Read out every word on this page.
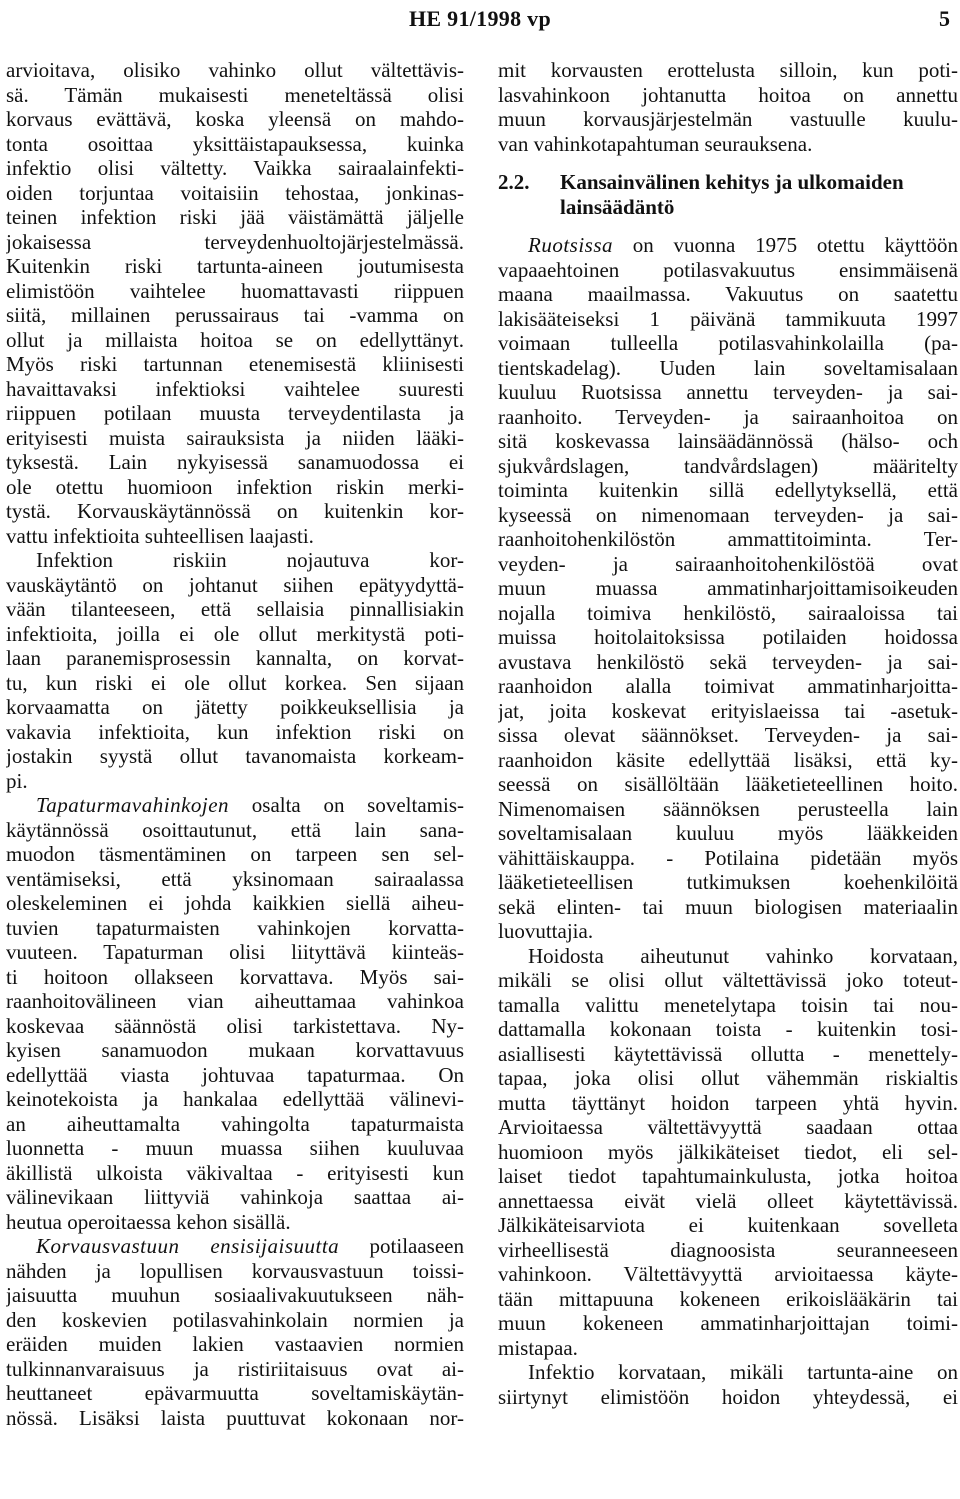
HE 91/1998 vp	5
arvioitava, olisiko vahinko ollut vältettävis-
sä. Tämän mukaisesti meneteltässä olisi
korvaus evättävä, koska yleensä on mahdo-
tonta osoittaa yksittäistapauksessa, kuinka
infektio olisi vältetty. Vaikka sairaalainfekti-
oiden torjuntaa voitaisiin tehostaa, jonkinas-
teinen infektion riski jää väistämättä jäljelle
jokaisessa terveydenhuoltojärjestelmässä.
Kuitenkin riski tartunta-aineen joutumisesta
elimistöön vaihtelee huomattavasti riippuen
siitä, millainen perussairaus tai -vamma on
ollut ja millaista hoitoa se on edellyttänyt.
Myös riski tartunnan etenemisestä kliinisesti
havaittavaksi infektioksi vaihtelee suuresti
riippuen potilaan muusta terveydentilasta ja
erityisesti muista sairauksista ja niiden lääki-
tyksestä. Lain nykyisessä sanamuodossa ei
ole otettu huomioon infektion riskin merki-
tystä. Korvauskäytännössä on kuitenkin kor-
vattu infektioita suhteellisen laajasti.
Infektion riskiin nojautuva kor-
vauskäytäntö on johtanut siihen epätyydyttä-
vään tilanteeseen, että sellaisia pinnallisiakin
infektioita, joilla ei ole ollut merkitystä poti-
laan paranemisprosessin kannalta, on korvat-
tu, kun riski ei ole ollut korkea. Sen sijaan
korvaamatta on jätetty poikkeuksellisia ja
vakavia infektioita, kun infektion riski on
jostakin syystä ollut tavanomaista korkeam-
pi.
Tapaturmavahinkojen osalta on soveltamis-
käytännössä osoittautunut, että lain sana-
muodon täsmentäminen on tarpeen sen sel-
ventämiseksi, että yksinomaan sairaalassa
oleskeleminen ei johda kaikkien siellä aiheu-
tuvien tapaturmaisten vahinkojen korvatta-
vuuteen. Tapaturman olisi liityttävä kiinteäs-
ti hoitoon ollakseen korvattava. Myös sai-
raanhoitovälineen vian aiheuttamaa vahinkoa
koskevaa säännöstä olisi tarkistettava. Ny-
kyisen sanamuodon mukaan korvattavuus
edellyttää viasta johtuvaa tapaturmaa. On
keinotekoista ja hankalaa edellyttää välinevi-
an aiheuttamalta vahingolta tapaturmaista
luonnetta - muun muassa siihen kuuluvaa
äkillistä ulkoista väkivaltaa - erityisesti kun
välinevikaan liittyviä vahinkoja saattaa ai-
heutua operoitaessa kehon sisällä.
Korvausvastuun ensisijaisuutta potilaaseen
nähden ja lopullisen korvausvastuun toissi-
jaisuutta muuhun sosiaalivakuutukseen näh-
den koskevien potilasvahinkolain normien ja
eräiden muiden lakien vastaavien normien
tulkinnanvaraisuus ja ristiriitaisuus ovat ai-
heuttaneet epävarmuutta soveltamiskäytän-
nössä. Lisäksi laista puuttuvat kokonaan nor-
mit korvausten erottelusta silloin, kun poti-
lasvahinkoon johtanutta hoitoa on annettu
muun korvausjärjestelmän vastuulle kuulu-
van vahinkotapahtuman seurauksena.
2.2. Kansainvälinen kehitys ja ulkomaiden
lainsäädäntö
Ruotsissa on vuonna 1975 otettu käyttöön
vapaaehtoinen potilasvakuutus ensimmäisenä
maana maailmassa. Vakuutus on saatettu
lakisääteiseksi 1 päivänä tammikuuta 1997
voimaan tulleella potilasvahinkolailla (pa-
tientskadelag). Uuden lain soveltamisalaan
kuuluu Ruotsissa annettu terveyden- ja sai-
raanhoito. Terveyden- ja sairaanhoitoa on
sitä koskevassa lainsäädännössä (hälso- och
sjukvårdslagen, tandvårdslagen) määritelty
toiminta kuitenkin sillä edellytyksellä, että
kyseessä on nimenomaan terveyden- ja sai-
raanhoitohenkilöstön ammattitoiminta. Ter-
veyden- ja sairaanhoitohenkilöstöä ovat
muun muassa ammatinharjoittamisoikeuden
nojalla toimiva henkilöstö, sairaaloissa tai
muissa hoitolaitoksissa potilaiden hoidossa
avustava henkilöstö sekä terveyden- ja sai-
raanhoidon alalla toimivat ammatinharjoitta-
jat, joita koskevat erityislaeissa tai -asetuk-
sissa olevat säännökset. Terveyden- ja sai-
raanhoidon käsite edellyttää lisäksi, että ky-
seessä on sisällöltään lääketieteellinen hoito.
Nimenomaisen säännöksen perusteella lain
soveltamisalaan kuuluu myös lääkkeiden
vähittäiskauppa. - Potilaina pidetään myös
lääketieteellisen tutkimuksen koehenkilöitä
sekä elinten- tai muun biologisen materiaalin
luovuttajia.
Hoidosta aiheutunut vahinko korvataan,
mikäli se olisi ollut vältettävissä joko toteut-
tamalla valittu menetelytapa toisin tai nou-
dattamalla kokonaan toista - kuitenkin tosi-
asiallisesti käytettävissä ollutta - menettely-
tapaa, joka olisi ollut vähemmän riskialtis
mutta täyttänyt hoidon tarpeen yhtä hyvin.
Arvioitaessa vältettävyyttä saadaan ottaa
huomioon myös jälkikäteiset tiedot, eli sel-
laiset tiedot tapahtumainkulusta, jotka hoitoa
annettaessa eivät vielä olleet käytettävissä.
Jälkikäteisarviota ei kuitenkaan sovelleta
virheellisestä diagnoosista seuranneeseen
vahinkoon. Vältettävyyttä arvioitaessa käyte-
tään mittapuuna kokeneen erikoislääkärin tai
muun kokeneen ammatinharjoittajan toimi-
mistapaa.
Infektio korvataan, mikäli tartunta-aine on
siirtynyt elimistöön hoidon yhteydessä, ei
